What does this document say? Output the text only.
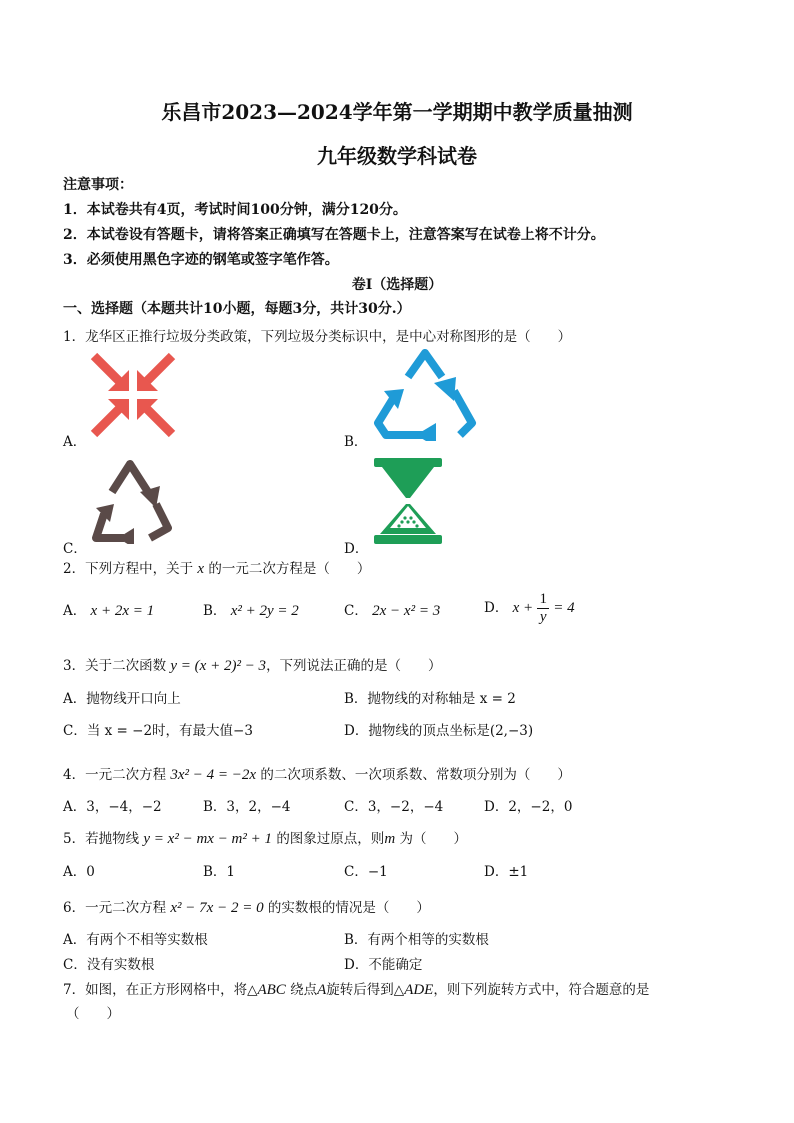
乐昌市2023—2024学年第一学期期中教学质量抽测
九年级数学科试卷
注意事项：
1．本试卷共有4页，考试时间100分钟，满分120分。
2．本试卷设有答题卡，请将答案正确填写在答题卡上，注意答案写在试卷上将不计分。
3．必须使用黑色字迹的钢笔或签字笔作答。
卷Ⅰ（选择题）
一、选择题（本题共计10小题，每题3分，共计30分.）
1．龙华区正推行垃圾分类政策，下列垃圾分类标识中，是中心对称图形的是（　　）
A．	B．
C．	D．
2．下列方程中，关于 x 的一元二次方程是（　　）
A． x + 2x = 1	B． x² + 2y = 2	C． 2x − x² = 3	D． $x + \frac{1}{y} = 4$
3．关于二次函数 y = (x + 2)² − 3，下列说法正确的是（　　）
A．抛物线开口向上	B．抛物线的对称轴是 x = 2
C．当 x = −2时，有最大值−3	D．抛物线的顶点坐标是(2,−3)
4．一元二次方程 3x² − 4 = −2x 的二次项系数、一次项系数、常数项分别为（　　）
A．3，−4，−2	B．3，2，−4	C．3，−2，−4	D．2，−2，0
5．若抛物线 y = x² − mx − m² + 1 的图象过原点，则m 为（　　）
A．0	B．1	C．−1	D．±1
6．一元二次方程 x² − 7x − 2 = 0 的实数根的情况是（　　）
A．有两个不相等实数根	B．有两个相等的实数根
C．没有实数根	D．不能确定
7．如图，在正方形网格中，将△ABC 绕点A旋转后得到△ADE，则下列旋转方式中，符合题意的是
（　　）
